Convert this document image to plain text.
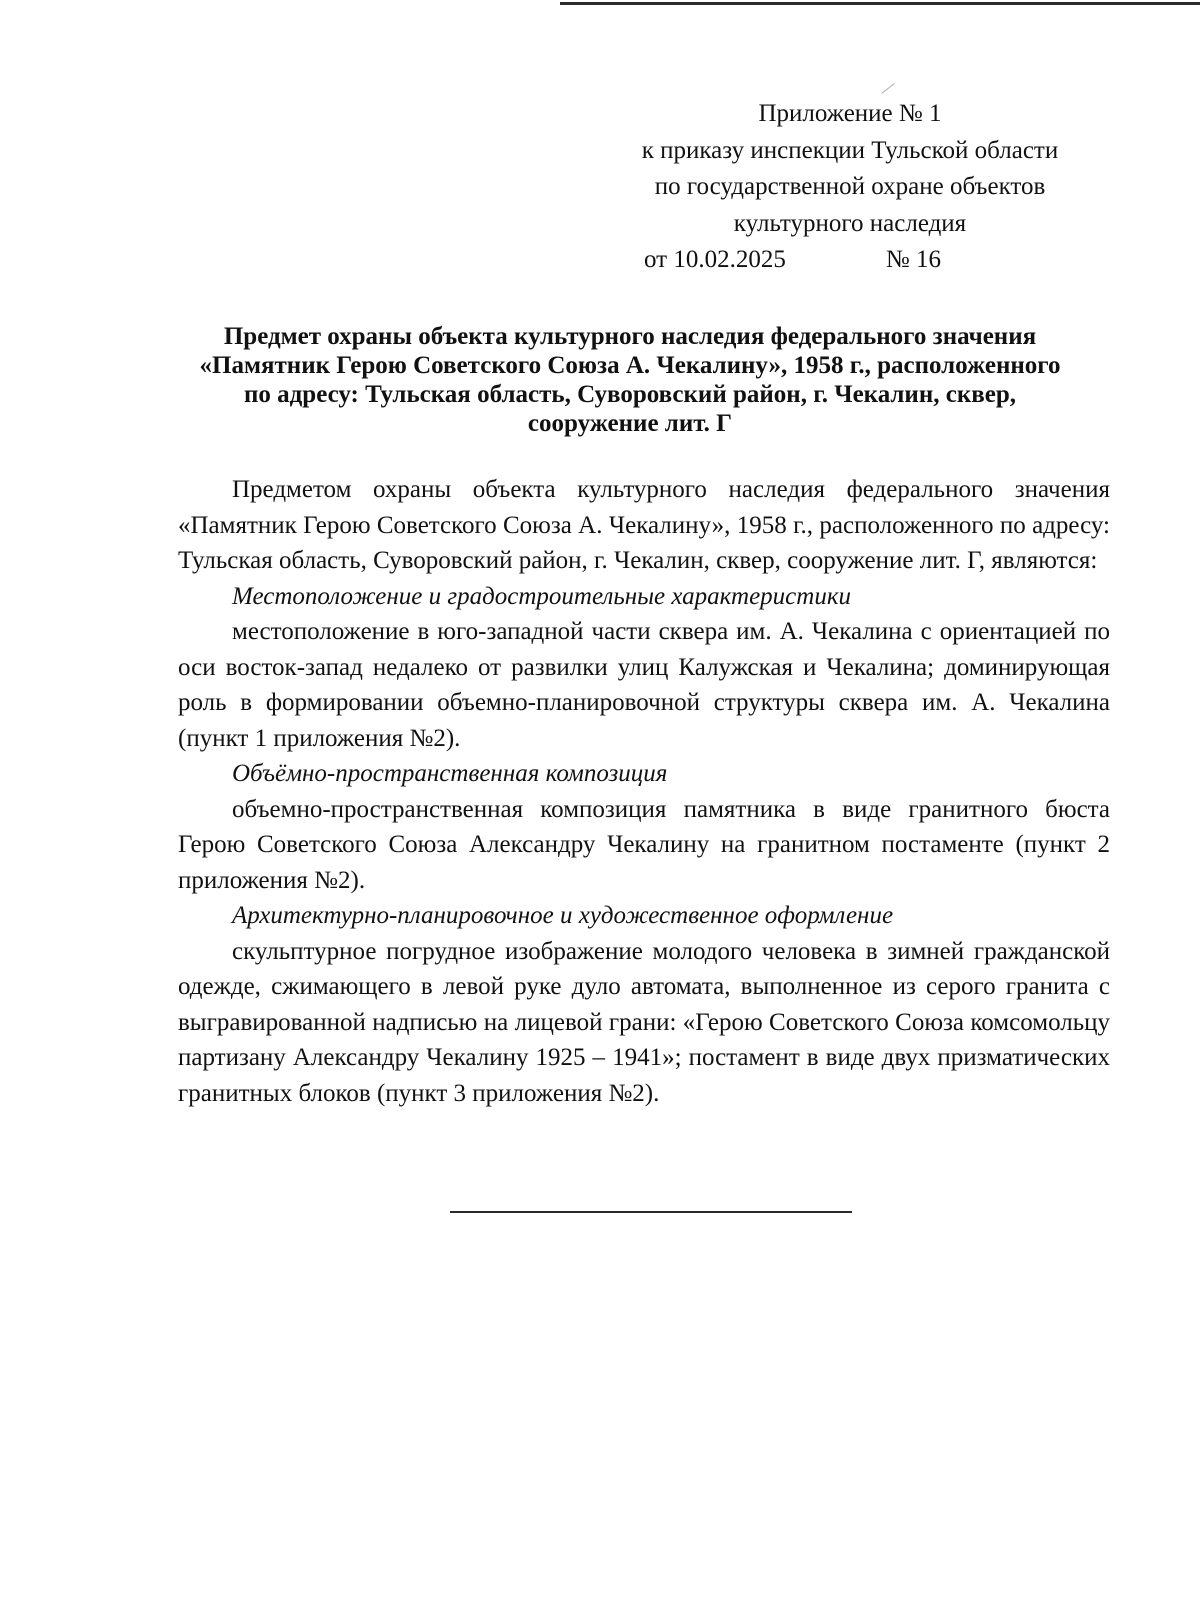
Приложение № 1
к приказу инспекции Тульской области
по государственной охране объектов
культурного наследия
от 10.02.2025	№ 16
Предмет охраны объекта культурного наследия федерального значения
«Памятник Герою Советского Союза А. Чекалину», 1958 г., расположенного
по адресу: Тульская область, Суворовский район, г. Чекалин, сквер,
сооружение лит. Г

Предметом охраны объекта культурного наследия федерального значения «Памятник Герою Советского Союза А. Чекалину», 1958 г., расположенного по адресу: Тульская область, Суворовский район, г. Чекалин, сквер, сооружение лит. Г, являются:

Местоположение и градостроительные характеристики

местоположение в юго-западной части сквера им. А. Чекалина с ориентацией по оси восток-запад недалеко от развилки улиц Калужская и Чекалина; доминирующая роль в формировании объемно-планировочной структуры сквера им. А. Чекалина (пункт 1 приложения №2).

Объёмно-пространственная композиция

объемно-пространственная композиция памятника в виде гранитного бюста Герою Советского Союза Александру Чекалину на гранитном постаменте (пункт 2 приложения №2).

Архитектурно-планировочное и художественное оформление

скульптурное погрудное изображение молодого человека в зимней гражданской одежде, сжимающего в левой руке дуло автомата, выполненное из серого гранита с выгравированной надписью на лицевой грани: «Герою Советского Союза комсомольцу партизану Александру Чекалину 1925 – 1941»; постамент в виде двух призматических гранитных блоков (пункт 3 приложения №2).
